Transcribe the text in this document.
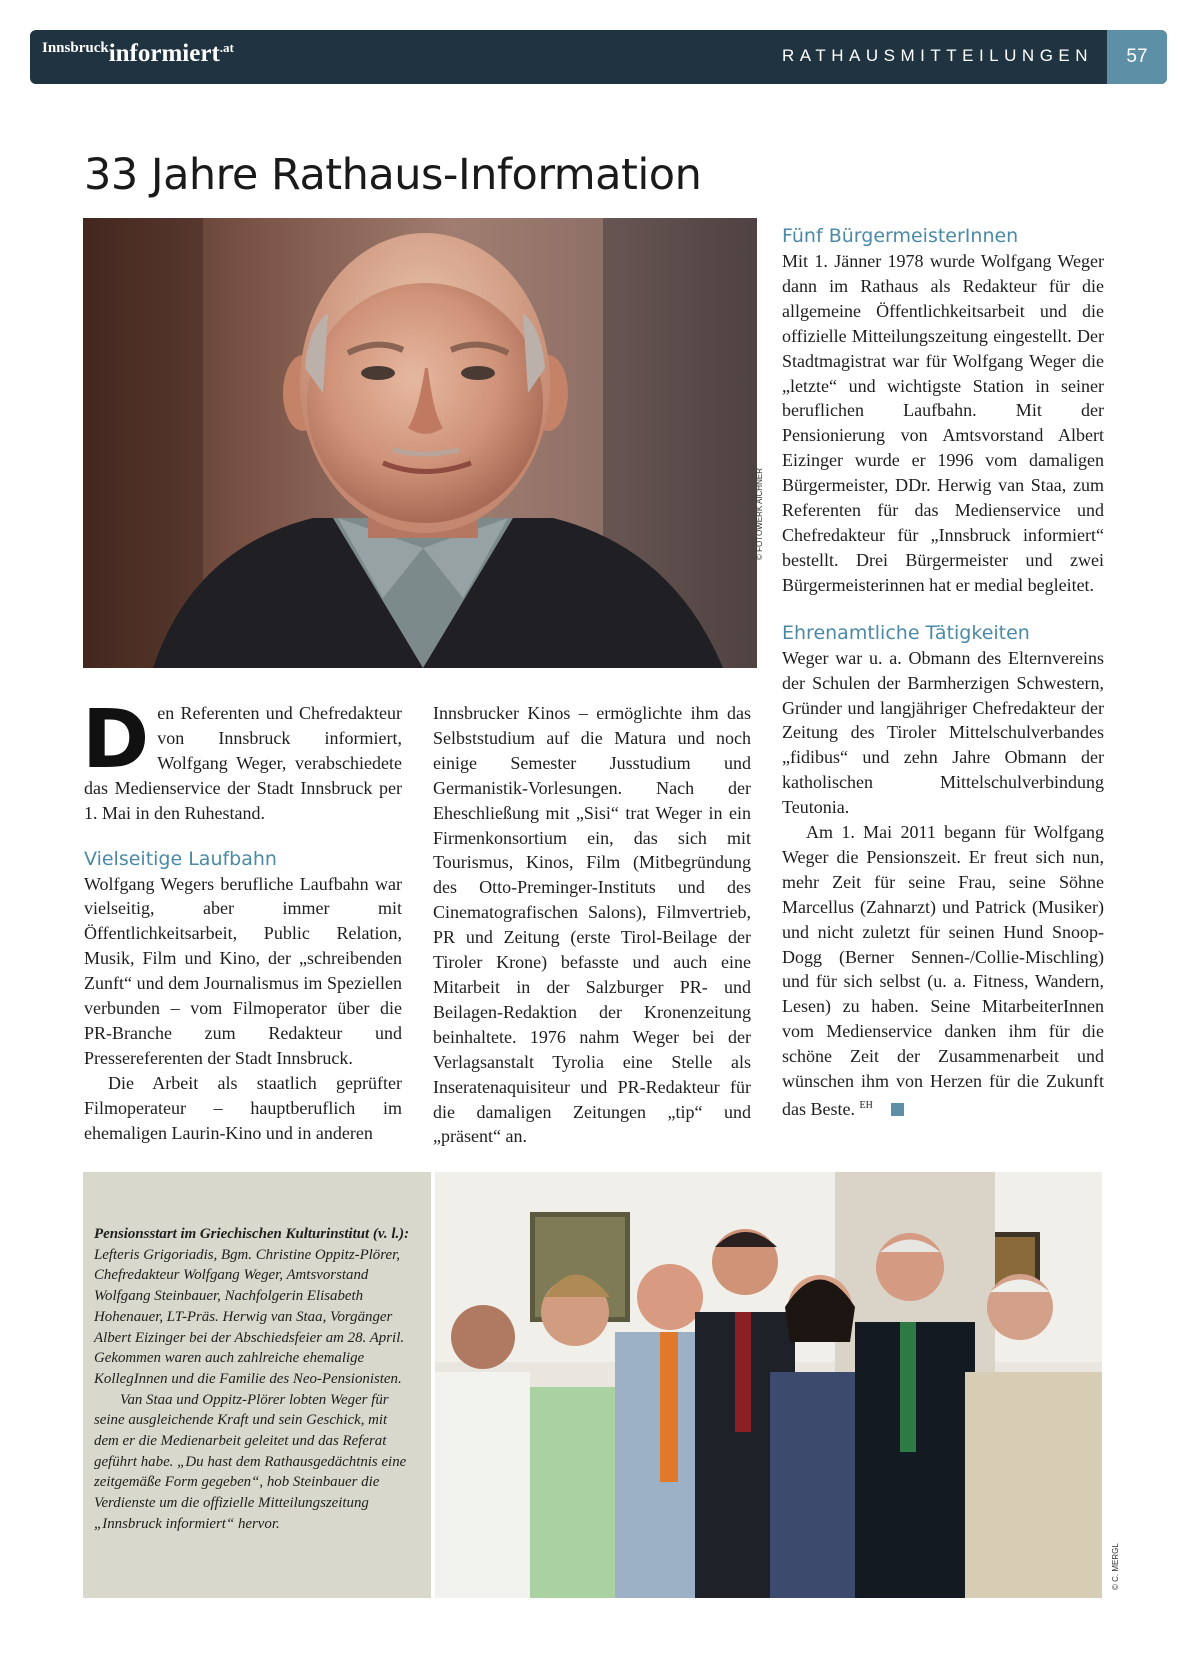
Innsbruckinformiert$^{.at}$	RATHAUSMITTEILUNGEN	57
33 Jahre Rathaus-Information
© FOTOWERK AICHNER

Den Referenten und Chefredakteur von Innsbruck informiert, Wolfgang Weger, verabschiedete das Medienservice der Stadt Innsbruck per 1. Mai in den Ruhestand.

Vielseitige Laufbahn

Wolfgang Wegers berufliche Laufbahn war vielseitig, aber immer mit Öffentlichkeitsarbeit, Public Relation, Musik, Film und Kino, der „schreibenden Zunft“ und dem Journalismus im Speziellen verbunden – vom Filmoperator über die PR-Branche zum Redakteur und Pressereferenten der Stadt Innsbruck.

Die Arbeit als staatlich geprüfter Filmoperateur – hauptberuflich im ehemaligen Laurin-Kino und in anderen

Innsbrucker Kinos – ermöglichte ihm das Selbststudium auf die Matura und noch einige Semester Jusstudium und Germanistik-Vorlesungen. Nach der Eheschließung mit „Sisi“ trat Weger in ein Firmenkonsortium ein, das sich mit Tourismus, Kinos, Film (Mitbegründung des Otto-Preminger-Instituts und des Cinematografischen Salons), Filmvertrieb, PR und Zeitung (erste Tirol-Beilage der Tiroler Krone) befasste und auch eine Mitarbeit in der Salzburger PR- und Beilagen-Redaktion der Kronenzeitung beinhaltete. 1976 nahm Weger bei der Verlagsanstalt Tyrolia eine Stelle als Inseratenaquisiteur und PR-Redakteur für die damaligen Zeitungen „tip“ und „präsent“ an.

Fünf BürgermeisterInnen

Mit 1. Jänner 1978 wurde Wolfgang Weger dann im Rathaus als Redakteur für die allgemeine Öffentlichkeitsarbeit und die offizielle Mitteilungszeitung eingestellt. Der Stadtmagistrat war für Wolfgang Weger die „letzte“ und wichtigste Station in seiner beruflichen Laufbahn. Mit der Pensionierung von Amtsvorstand Albert Eizinger wurde er 1996 vom damaligen Bürgermeister, DDr. Herwig van Staa, zum Referenten für das Medienservice und Chefredakteur für „Innsbruck informiert“ bestellt. Drei Bürgermeister und zwei Bürgermeisterinnen hat er medial begleitet.

Ehrenamtliche Tätigkeiten

Weger war u. a. Obmann des Elternvereins der Schulen der Barmherzigen Schwestern, Gründer und langjähriger Chefredakteur der Zeitung des Tiroler Mittelschulverbandes „fidibus“ und zehn Jahre Obmann der katholischen Mittelschulverbindung Teutonia.

Am 1. Mai 2011 begann für Wolfgang Weger die Pensionszeit. Er freut sich nun, mehr Zeit für seine Frau, seine Söhne Marcellus (Zahnarzt) und Patrick (Musiker) und nicht zuletzt für seinen Hund Snoop-Dogg (Berner Sennen-/Collie-Mischling) und für sich selbst (u. a. Fitness, Wandern, Lesen) zu haben. Seine MitarbeiterInnen vom Medienservice danken ihm für die schöne Zeit der Zusammenarbeit und wünschen ihm von Herzen für die Zukunft das Beste. $^{EH}$

Pensionsstart im Griechischen Kulturinstitut (v. l.): Lefteris Grigoriadis, Bgm. Christine Oppitz-Plörer, Chefredakteur Wolfgang Weger, Amtsvorstand Wolfgang Steinbauer, Nachfolgerin Elisabeth Hohenauer, LT-Präs. Herwig van Staa, Vorgänger Albert Eizinger bei der Abschiedsfeier am 28. April. Gekommen waren auch zahlreiche ehemalige KollegInnen und die Familie des Neo-Pensionisten.

Van Staa und Oppitz-Plörer lobten Weger für seine ausgleichende Kraft und sein Geschick, mit dem er die Medienarbeit geleitet und das Referat geführt habe. „Du hast dem Rathausgedächtnis eine zeitgemäße Form gegeben“, hob Steinbauer die Verdienste um die offizielle Mitteilungszeitung „Innsbruck informiert“ hervor.

© C. MERGL
